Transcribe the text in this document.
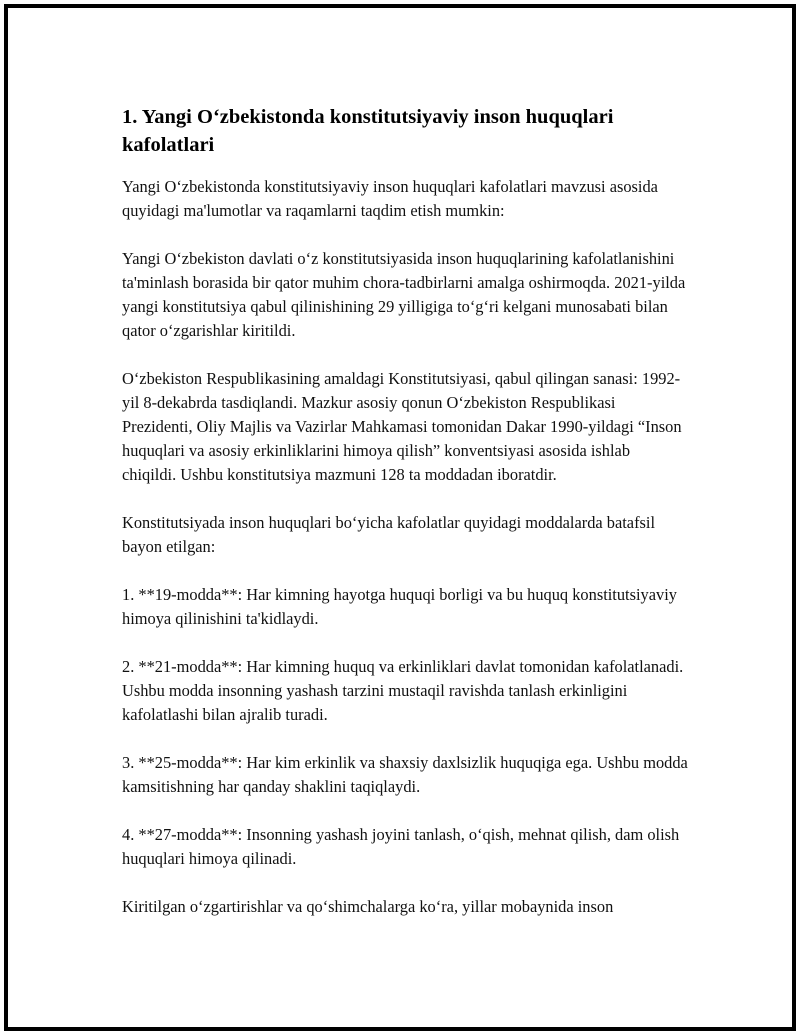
1. Yangi O‘zbekistonda konstitutsiyaviy inson huquqlari kafolatlari

Yangi O‘zbekistonda konstitutsiyaviy inson huquqlari kafolatlari mavzusi asosida quyidagi ma'lumotlar va raqamlarni taqdim etish mumkin:

Yangi O‘zbekiston davlati o‘z konstitutsiyasida inson huquqlarining kafolatlanishini ta'minlash borasida bir qator muhim chora-tadbirlarni amalga oshirmoqda. 2021-yilda yangi konstitutsiya qabul qilinishining 29 yilligiga to‘g‘ri kelgani munosabati bilan qator o‘zgarishlar kiritildi.

O‘zbekiston Respublikasining amaldagi Konstitutsiyasi, qabul qilingan sanasi: 1992-yil 8-dekabrda tasdiqlandi. Mazkur asosiy qonun O‘zbekiston Respublikasi Prezidenti, Oliy Majlis va Vazirlar Mahkamasi tomonidan Dakar 1990-yildagi “Inson huquqlari va asosiy erkinliklarini himoya qilish” konventsiyasi asosida ishlab chiqildi. Ushbu konstitutsiya mazmuni 128 ta moddadan iboratdir.

Konstitutsiyada inson huquqlari bo‘yicha kafolatlar quyidagi moddalarda batafsil bayon etilgan:

1. **19-modda**: Har kimning hayotga huquqi borligi va bu huquq konstitutsiyaviy himoya qilinishini ta'kidlaydi.

2. **21-modda**: Har kimning huquq va erkinliklari davlat tomonidan kafolatlanadi. Ushbu modda insonning yashash tarzini mustaqil ravishda tanlash erkinligini kafolatlashi bilan ajralib turadi.

3. **25-modda**: Har kim erkinlik va shaxsiy daxlsizlik huquqiga ega. Ushbu modda kamsitishning har qanday shaklini taqiqlaydi.

4. **27-modda**: Insonning yashash joyini tanlash, o‘qish, mehnat qilish, dam olish huquqlari himoya qilinadi.

Kiritilgan o‘zgartirishlar va qo‘shimchalarga ko‘ra, yillar mobaynida inson
